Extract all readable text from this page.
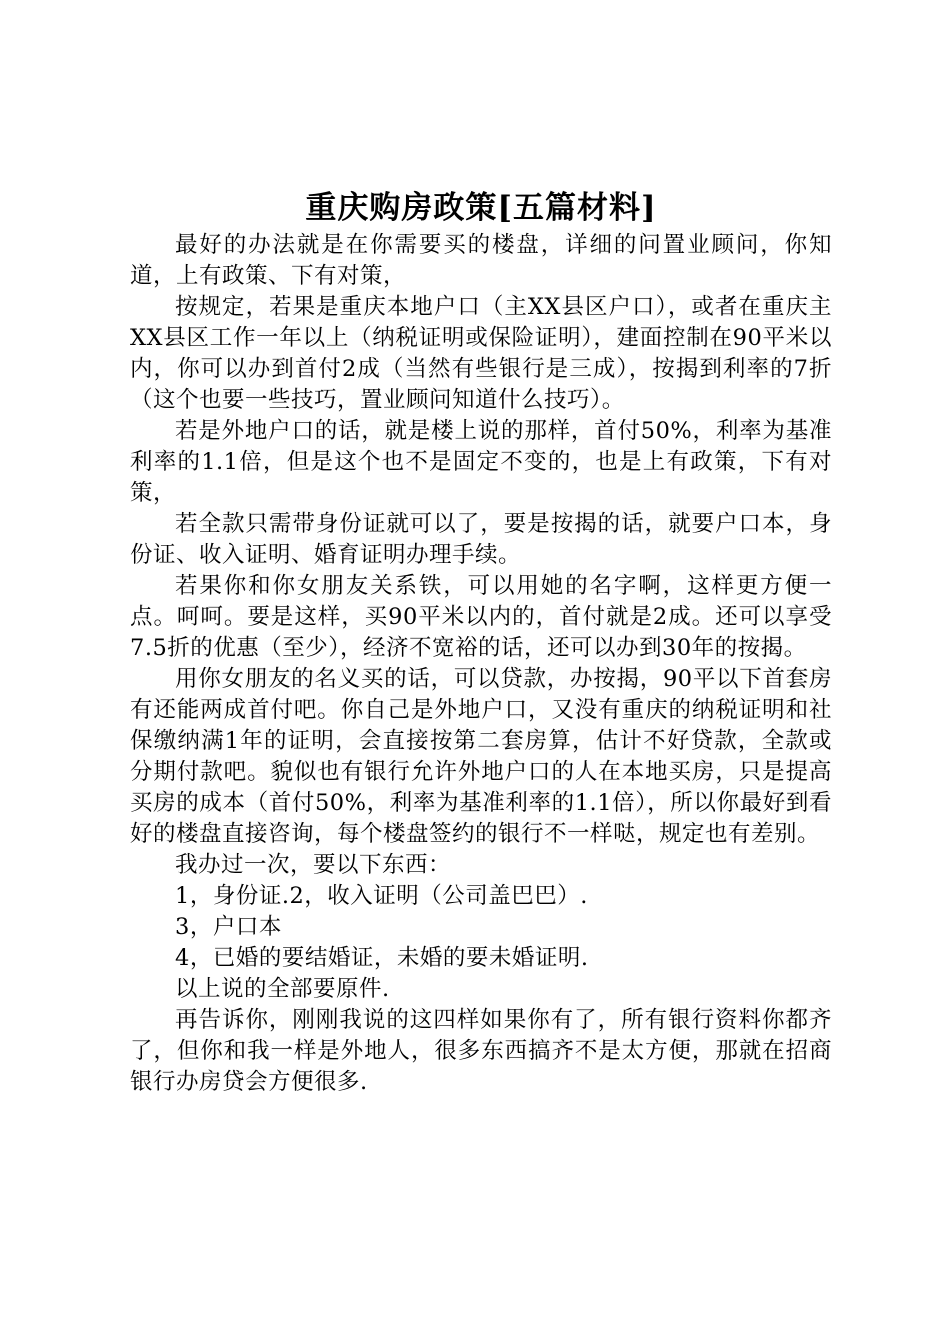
重庆购房政策[五篇材料]

最好的办法就是在你需要买的楼盘，详细的问置业顾问，你知道，上有政策、下有对策，

按规定，若果是重庆本地户口（主XX县区户口），或者在重庆主XX县区工作一年以上（纳税证明或保险证明），建面控制在90平米以内，你可以办到首付2成（当然有些银行是三成），按揭到利率的7折（这个也要一些技巧，置业顾问知道什么技巧）。

若是外地户口的话，就是楼上说的那样，首付50%，利率为基准利率的1.1倍，但是这个也不是固定不变的，也是上有政策，下有对策，

若全款只需带身份证就可以了，要是按揭的话，就要户口本，身份证、收入证明、婚育证明办理手续。

若果你和你女朋友关系铁，可以用她的名字啊，这样更方便一点。呵呵。要是这样，买90平米以内的，首付就是2成。还可以享受7.5折的优惠（至少），经济不宽裕的话，还可以办到30年的按揭。

用你女朋友的名义买的话，可以贷款，办按揭，90平以下首套房有还能两成首付吧。你自己是外地户口，又没有重庆的纳税证明和社保缴纳满1年的证明，会直接按第二套房算，估计不好贷款，全款或分期付款吧。貌似也有银行允许外地户口的人在本地买房，只是提高买房的成本（首付50%，利率为基准利率的1.1倍），所以你最好到看好的楼盘直接咨询，每个楼盘签约的银行不一样哒，规定也有差别。

我办过一次，要以下东西：

1，身份证.2，收入证明（公司盖巴巴）.

3，户口本

4，已婚的要结婚证，未婚的要未婚证明.

以上说的全部要原件.

再告诉你，刚刚我说的这四样如果你有了，所有银行资料你都齐了，但你和我一样是外地人，很多东西搞齐不是太方便，那就在招商银行办房贷会方便很多.
